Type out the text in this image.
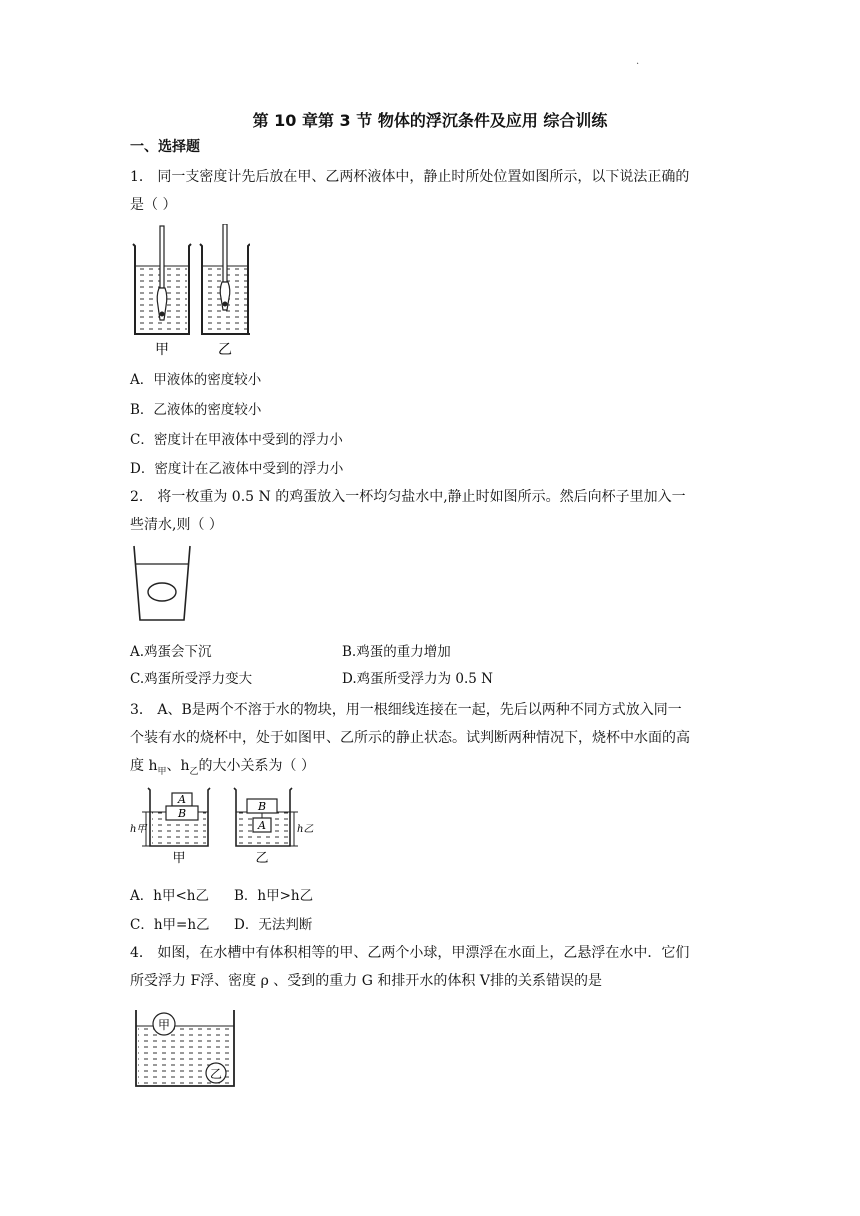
.
第 10 章第 3 节 物体的浮沉条件及应用 综合训练
一、选择题
1． 同一支密度计先后放在甲、乙两杯液体中，静止时所处位置如图所示，以下说法正确的
是（ ）
甲	乙
A．甲液体的密度较小
B．乙液体的密度较小
C．密度计在甲液体中受到的浮力小
D．密度计在乙液体中受到的浮力小
2． 将一枚重为 0.5 N 的鸡蛋放入一杯均匀盐水中,静止时如图所示。然后向杯子里加入一
些清水,则（ ）
A.鸡蛋会下沉	B.鸡蛋的重力增加
C.鸡蛋所受浮力变大	D.鸡蛋所受浮力为 0.5 N
3． A、B是两个不溶于水的物块，用一根细线连接在一起，先后以两种不同方式放入同一
个装有水的烧杯中，处于如图甲、乙所示的静止状态。试判断两种情况下，烧杯中水面的高
度 $h_甲$、$h_乙$的大小关系为（ ）
A
B
h甲
甲
B
A	h乙
乙
A．h甲<h乙 B．h甲>h乙
C．h甲=h乙 D．无法判断
4． 如图，在水槽中有体积相等的甲、乙两个小球，甲漂浮在水面上，乙悬浮在水中．它们
所受浮力 F浮、密度 ρ 、受到的重力 G 和排开水的体积 V排的关系错误的是
甲
乙
